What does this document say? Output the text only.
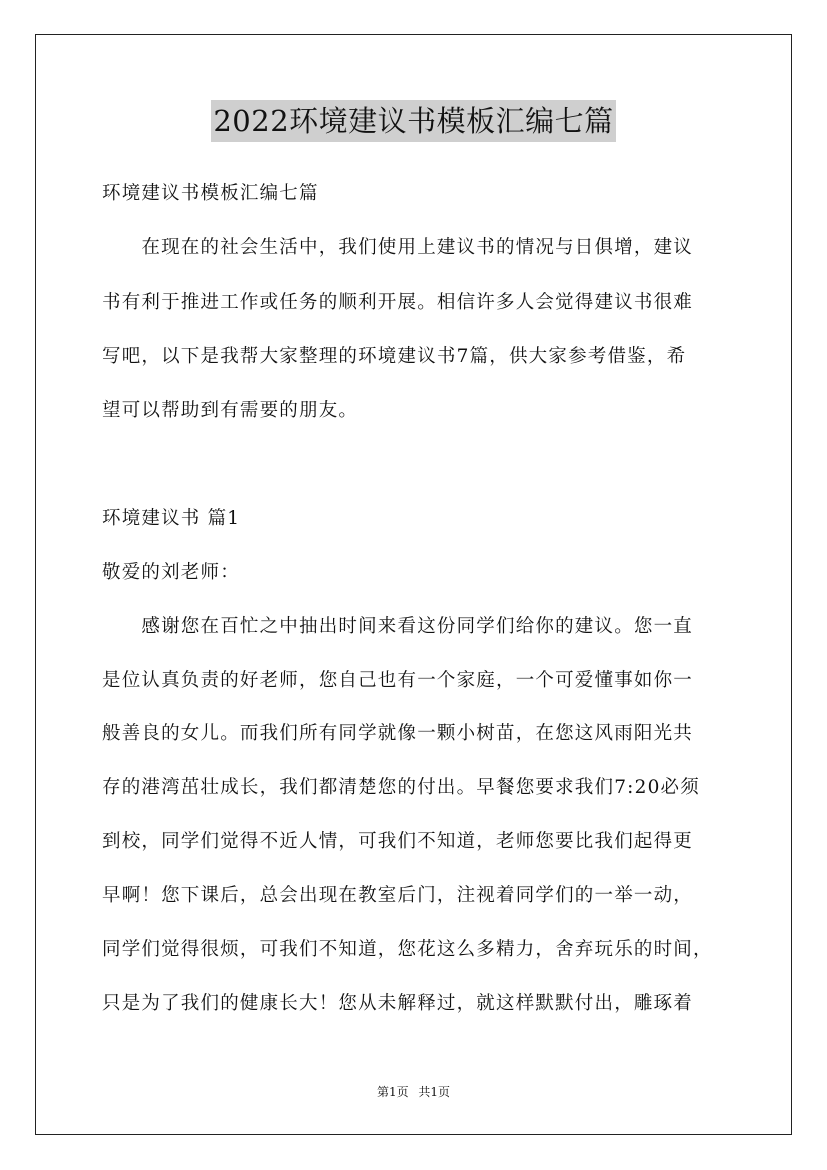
2022环境建议书模板汇编七篇
环境建议书模板汇编七篇
　　在现在的社会生活中，我们使用上建议书的情况与日俱增，建议
书有利于推进工作或任务的顺利开展。相信许多人会觉得建议书很难
写吧，以下是我帮大家整理的环境建议书7篇，供大家参考借鉴，希
望可以帮助到有需要的朋友。
环境建议书 篇1
敬爱的刘老师：
　　感谢您在百忙之中抽出时间来看这份同学们给你的建议。您一直
是位认真负责的好老师，您自己也有一个家庭，一个可爱懂事如你一
般善良的女儿。而我们所有同学就像一颗小树苗，在您这风雨阳光共
存的港湾茁壮成长，我们都清楚您的付出。早餐您要求我们7:20必须
到校，同学们觉得不近人情，可我们不知道，老师您要比我们起得更
早啊！您下课后，总会出现在教室后门，注视着同学们的一举一动，
同学们觉得很烦，可我们不知道，您花这么多精力，舍弃玩乐的时间，
只是为了我们的健康长大！您从未解释过，就这样默默付出，雕琢着
第1页 共1页
